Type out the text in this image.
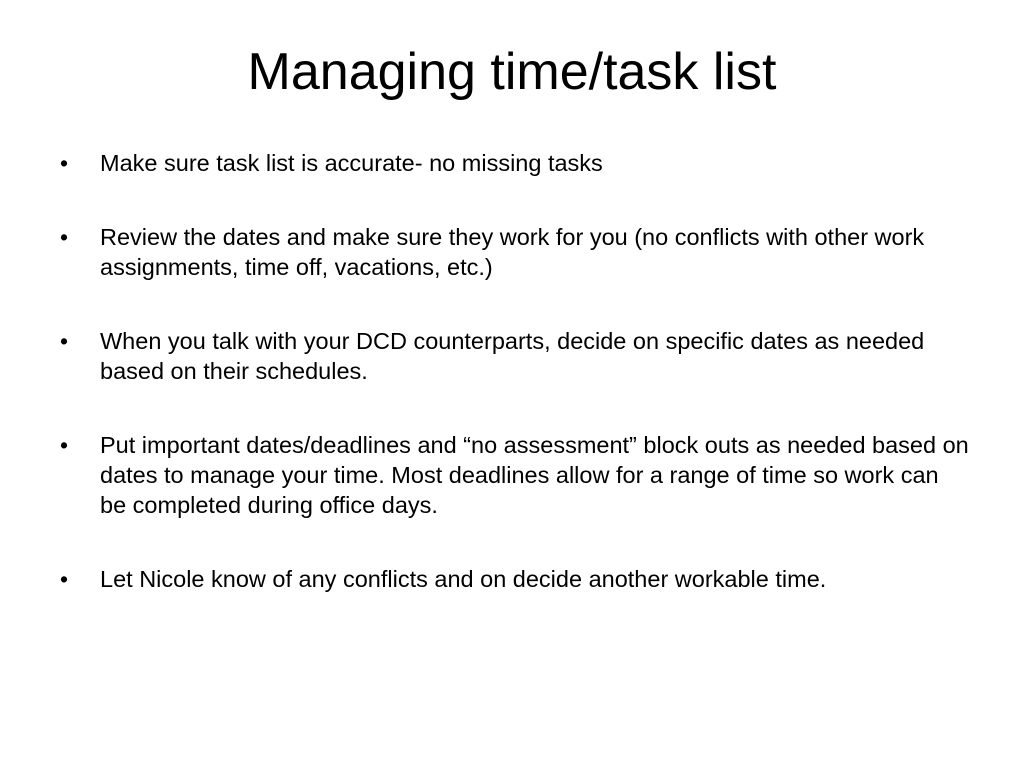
Managing time/task list
•	Make sure task list is accurate- no missing tasks
•	Review the dates and make sure they work for you (no conflicts with other work assignments, time off, vacations, etc.)
•	When you talk with your DCD counterparts, decide on specific dates as needed based on their schedules.
•	Put important dates/deadlines and “no assessment” block outs as needed based on dates to manage your time. Most deadlines allow for a range of time so work can be completed during office days.
•	Let Nicole know of any conflicts and on decide another workable time.
